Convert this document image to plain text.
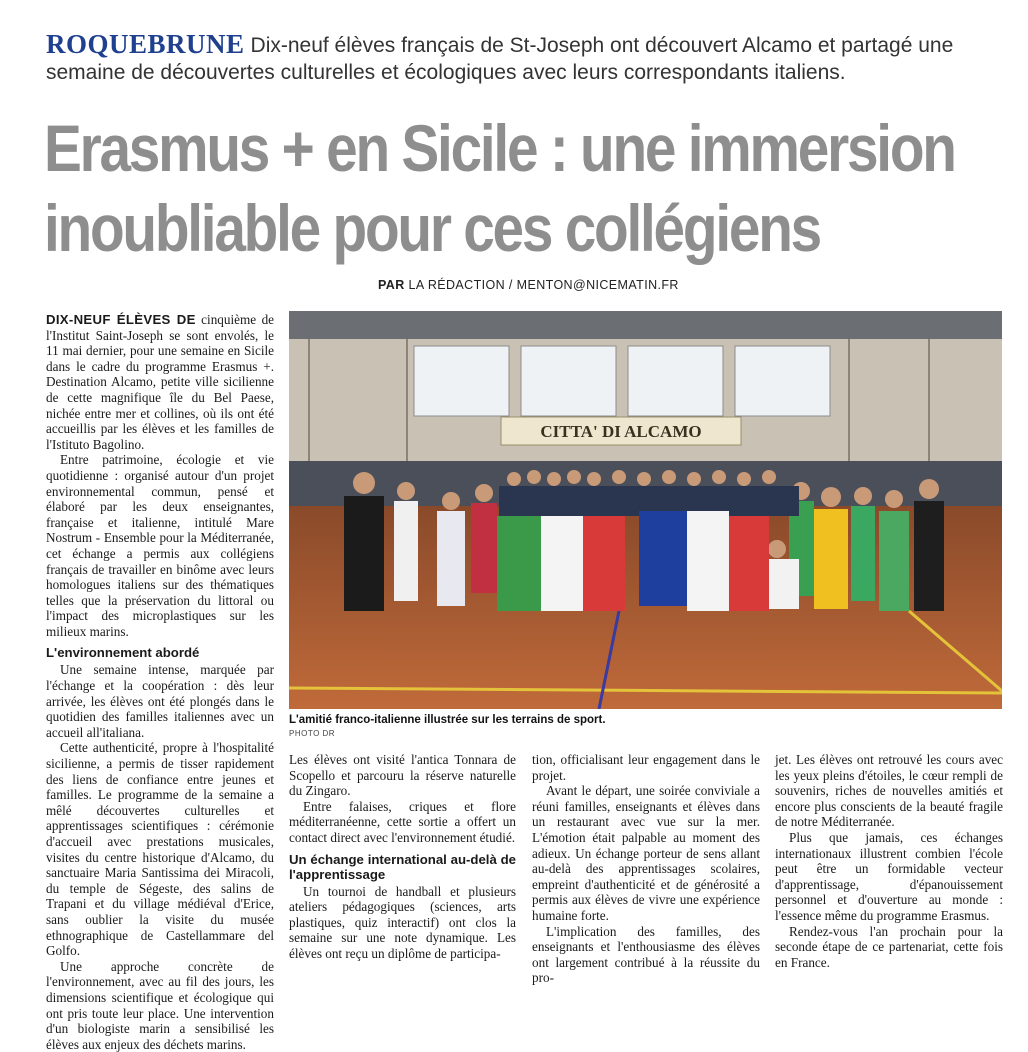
ROQUEBRUNE Dix-neuf élèves français de St-Joseph ont découvert Alcamo et partagé une semaine de découvertes culturelles et écologiques avec leurs correspondants italiens.
Erasmus + en Sicile : une immersion
inoubliable pour ces collégiens
PAR LA RÉDACTION / MENTON@NICEMATIN.FR

DIX-NEUF ÉLÈVES DE cinquième de l'Institut Saint-Joseph se sont envolés, le 11 mai dernier, pour une semaine en Sicile dans le cadre du programme Erasmus +. Destination Alcamo, petite ville sicilienne de cette magnifique île du Bel Paese, nichée entre mer et collines, où ils ont été accueillis par les élèves et les familles de l'Istituto Bagolino.

Entre patrimoine, écologie et vie quotidienne : organisé autour d'un projet environnemental commun, pensé et élaboré par les deux enseignantes, française et italienne, intitulé Mare Nostrum - Ensemble pour la Méditerranée, cet échange a permis aux collégiens français de travailler en binôme avec leurs homologues italiens sur des thématiques telles que la préservation du littoral ou l'impact des microplastiques sur les milieux marins.

L'environnement abordé

Une semaine intense, marquée par l'échange et la coopération : dès leur arrivée, les élèves ont été plongés dans le quotidien des familles italiennes avec un accueil all'italiana.

Cette authenticité, propre à l'hospitalité sicilienne, a permis de tisser rapidement des liens de confiance entre jeunes et familles. Le programme de la semaine a mêlé découvertes culturelles et apprentissages scientifiques : cérémonie d'accueil avec prestations musicales, visites du centre historique d'Alcamo, du sanctuaire Maria Santissima dei Miracoli, du temple de Ségeste, des salins de Trapani et du village médiéval d'Erice, sans oublier la visite du musée ethnographique de Castellammare del Golfo.

Une approche concrète de l'environnement, avec au fil des jours, les dimensions scientifique et écologique qui ont pris toute leur place. Une intervention d'un biologiste marin a sensibilisé les élèves aux enjeux des déchets marins.

CITTA' DI ALCAMO
L'amitié franco-italienne illustrée sur les terrains de sport.
PHOTO DR

Les élèves ont visité l'antica Tonnara de Scopello et parcouru la réserve naturelle du Zingaro.

Entre falaises, criques et flore méditerranéenne, cette sortie a offert un contact direct avec l'environnement étudié.

Un échange international au-delà de l'apprentissage

Un tournoi de handball et plusieurs ateliers pédagogiques (sciences, arts plastiques, quiz interactif) ont clos la semaine sur une note dynamique. Les élèves ont reçu un diplôme de participa-

tion, officialisant leur engagement dans le projet.

Avant le départ, une soirée conviviale a réuni familles, enseignants et élèves dans un restaurant avec vue sur la mer. L'émotion était palpable au moment des adieux. Un échange porteur de sens allant au-delà des apprentissages scolaires, empreint d'authenticité et de générosité a permis aux élèves de vivre une expérience humaine forte.

L'implication des familles, des enseignants et l'enthousiasme des élèves ont largement contribué à la réussite du pro-

jet. Les élèves ont retrouvé les cours avec les yeux pleins d'étoiles, le cœur rempli de souvenirs, riches de nouvelles amitiés et encore plus conscients de la beauté fragile de notre Méditerranée.

Plus que jamais, ces échanges internationaux illustrent combien l'école peut être un formidable vecteur d'apprentissage, d'épanouissement personnel et d'ouverture au monde : l'essence même du programme Erasmus.

Rendez-vous l'an prochain pour la seconde étape de ce partenariat, cette fois en France.
